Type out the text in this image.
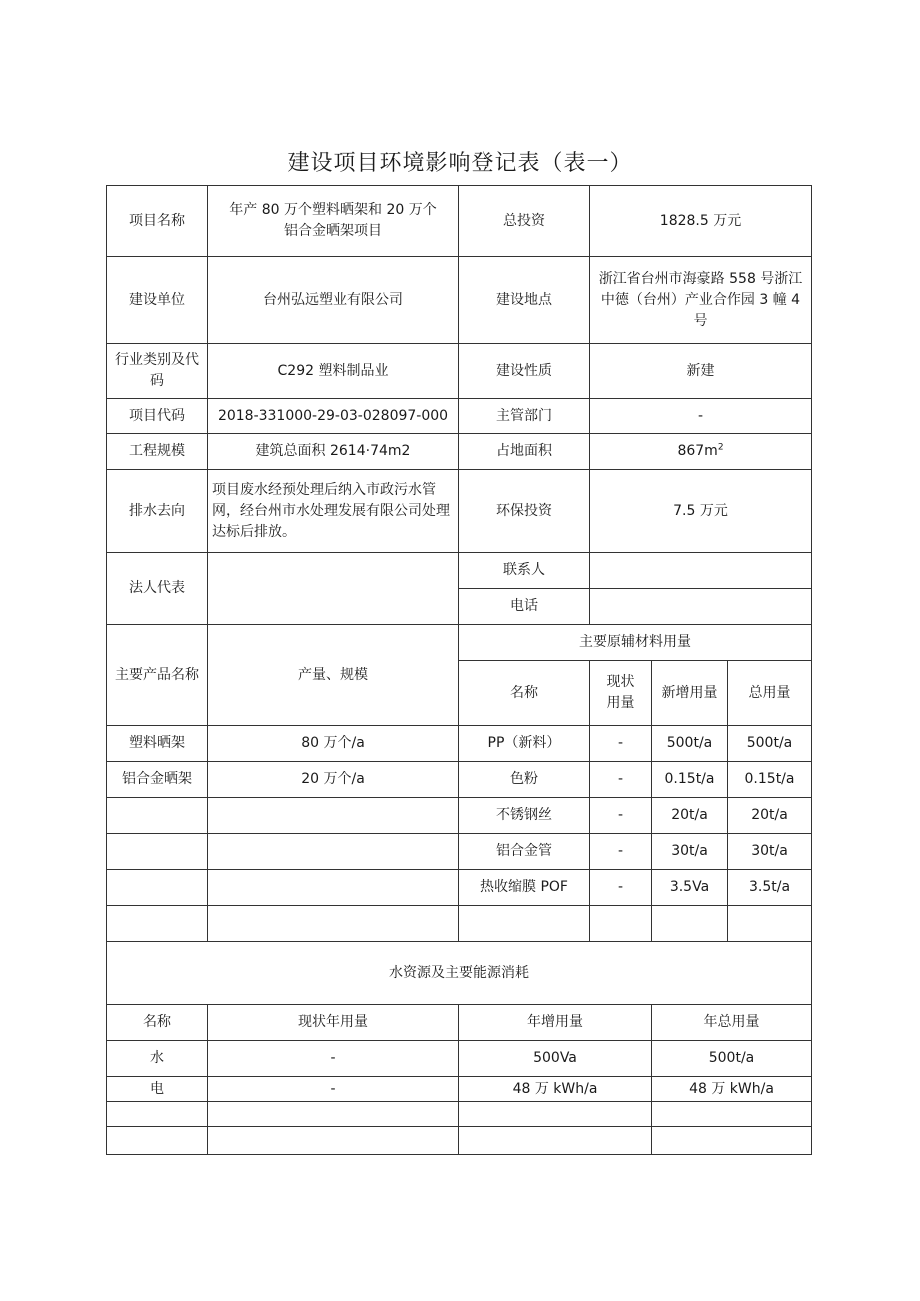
建设项目环境影响登记表（表一）
项目名称	年产 80 万个塑料晒架和 20 万个铝合金晒架项目	总投资	1828.5 万元		
建设单位	台州弘远塑业有限公司	建设地点	浙江省台州市海豪路 558 号浙江中德（台州）产业合作园 3 幢 4 号		
行业类别及代码	C292 塑料制品业	建设性质	新建		
项目代码	2018-331000-29-03-028097-000	主管部门	-		
工程规模	建筑总面积 2614·74m2	占地面积	$867m^2$
排水去向	项目废水经预处理后纳入市政污水管网，经台州市水处理发展有限公司处理达标后排放。	环保投资	7.5 万元		
法人代表		联系人			
		电话			
主要产品名称	产量、规模	主要原辅材料用量			
		名称	现状用量	新增用量	总用量
塑料晒架	80 万个/a	PP（新料）	-	500t/a	500t/a
铝合金晒架	20 万个/a	色粉	-	0.15t/a	0.15t/a
		不锈钢丝	-	20t/a	20t/a
		铝合金管	-	30t/a	30t/a
		热收缩膜 POF	-	3.5Va	3.5t/a

水资源及主要能源消耗					
名称	现状年用量	年增用量		年总用量	
水	-	500Va		500t/a	
电	-	48 万 kWh/a		48 万 kWh/a	
